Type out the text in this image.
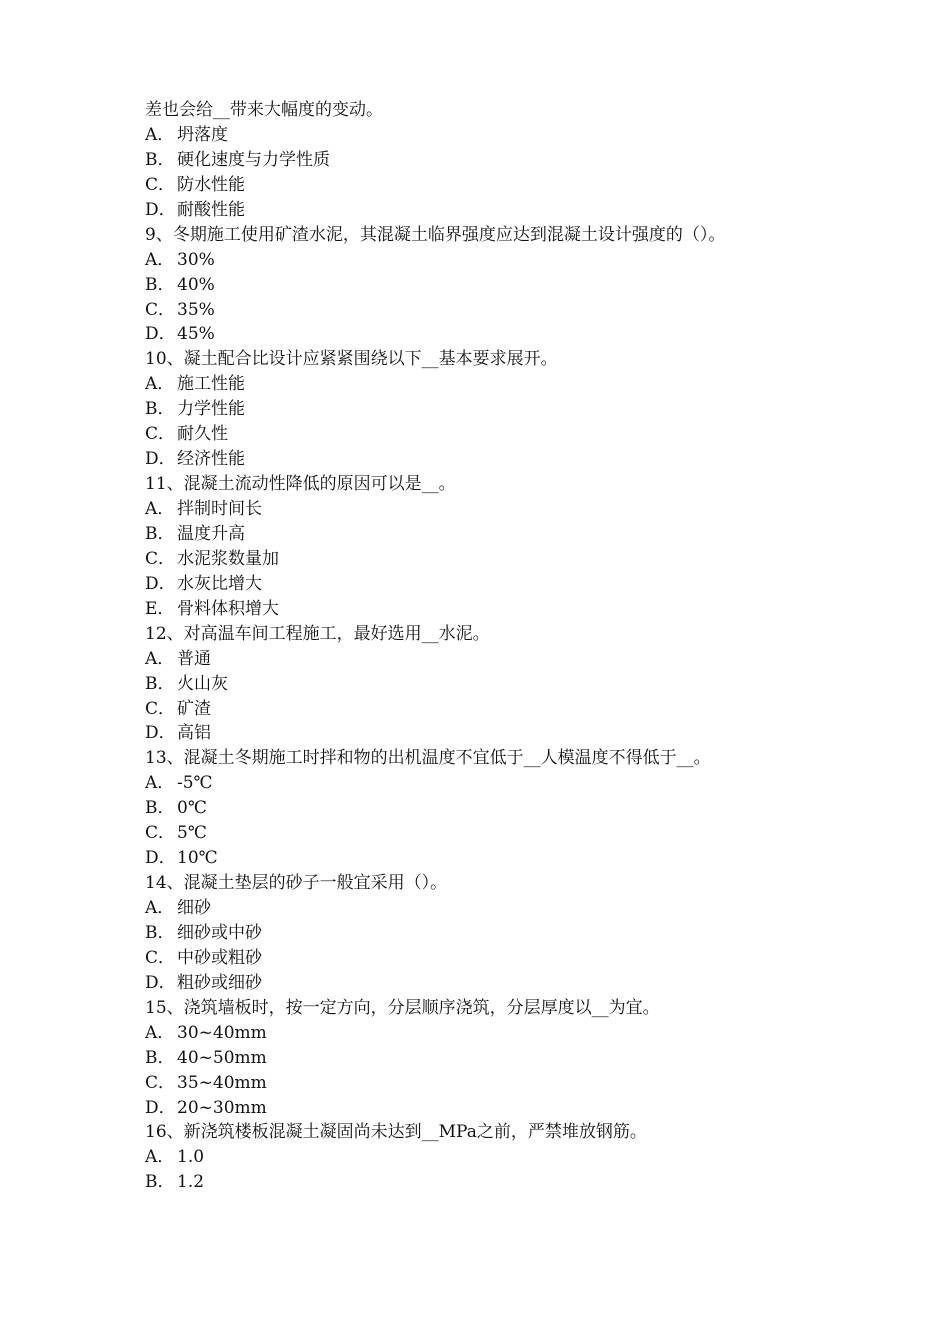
差也会给__带来大幅度的变动。
A． 坍落度
B． 硬化速度与力学性质
C． 防水性能
D．耐酸性能
9、冬期施工使用矿渣水泥，其混凝土临界强度应达到混凝土设计强度的（）。
A． 30%
B． 40%
C． 35%
D．45%
10、凝土配合比设计应紧紧围绕以下__基本要求展开。
A． 施工性能
B． 力学性能
C． 耐久性
D．经济性能
11、混凝土流动性降低的原因可以是__。
A． 拌制时间长
B． 温度升高
C． 水泥浆数量加
D．水灰比增大
E． 骨料体积增大
12、对高温车间工程施工，最好选用__水泥。
A． 普通
B． 火山灰
C． 矿渣
D．高铝
13、混凝土冬期施工时拌和物的出机温度不宜低于__人模温度不得低于__。
A． -5℃
B． 0℃
C． 5℃
D．10℃
14、混凝土垫层的砂子一般宜采用（）。
A． 细砂
B． 细砂或中砂
C． 中砂或粗砂
D．粗砂或细砂
15、浇筑墙板时，按一定方向，分层顺序浇筑，分层厚度以__为宜。
A． 30~40mm
B． 40~50mm
C． 35~40mm
D．20~30mm
16、新浇筑楼板混凝土凝固尚未达到__MPa之前，严禁堆放钢筋。
A． 1.0
B． 1.2
